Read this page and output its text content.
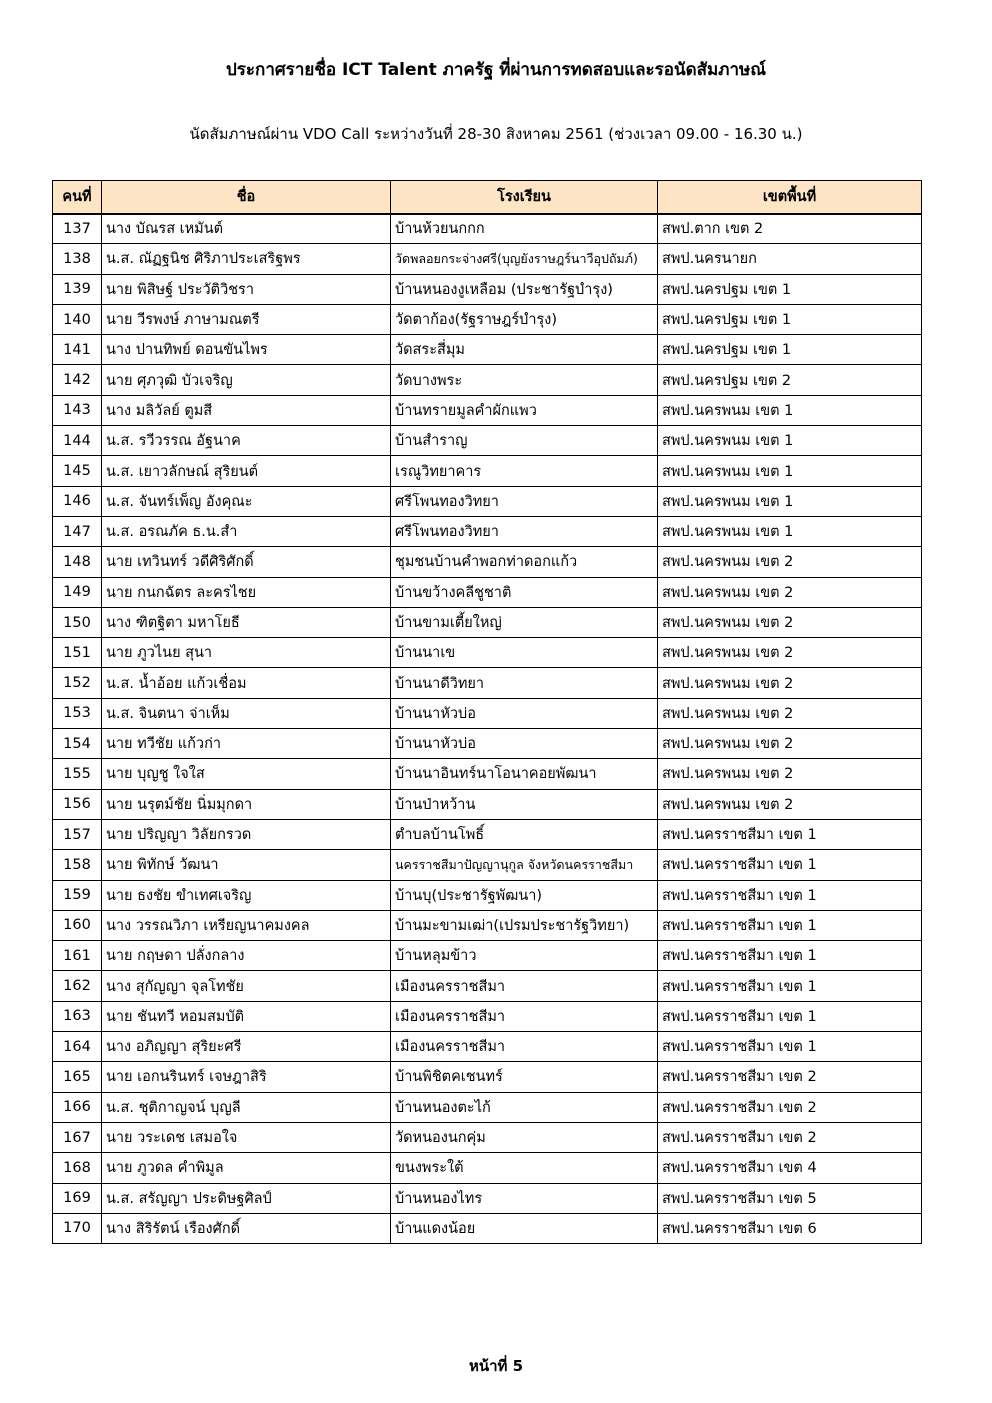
ประกาศรายชื่อ ICT Talent ภาครัฐ ที่ผ่านการทดสอบและรอนัดสัมภาษณ์
นัดสัมภาษณ์ผ่าน VDO Call ระหว่างวันที่ 28-30 สิงหาคม 2561 (ช่วงเวลา 09.00 - 16.30 น.)
คนที่	ชื่อ	โรงเรียน	เขตพื้นที่
137	นาง บัณรส เหมันต์	บ้านห้วยนกกก	สพป.ตาก เขต 2
138	น.ส. ณัฏฐนิช ศิริภาประเสริฐพร	วัดพลอยกระจ่างศรี(บุญยังราษฎร์นาวีอุปถัมภ์)	สพป.นครนายก
139	นาย พิสิษฐ์ ประวัติวิชรา	บ้านหนองงูเหลือม (ประชารัฐบำรุง)	สพป.นครปฐม เขต 1
140	นาย วีรพงษ์ ภาษามณตรี	วัดตาก้อง(รัฐราษฎร์บำรุง)	สพป.นครปฐม เขต 1
141	นาง ปานทิพย์ ดอนขันไพร	วัดสระสี่มุม	สพป.นครปฐม เขต 1
142	นาย ศุภวุฒิ บัวเจริญ	วัดบางพระ	สพป.นครปฐม เขต 2
143	นาง มลิวัลย์ ตูมสี	บ้านทรายมูลคำผักแพว	สพป.นครพนม เขต 1
144	น.ส. รวีวรรณ อัฐนาค	บ้านสำราญ	สพป.นครพนม เขต 1
145	น.ส. เยาวลักษณ์ สุริยนต์	เรณูวิทยาคาร	สพป.นครพนม เขต 1
146	น.ส. จันทร์เพ็ญ อังคุณะ	ศรีโพนทองวิทยา	สพป.นครพนม เขต 1
147	น.ส. อรณภัค ธ.น.สำ	ศรีโพนทองวิทยา	สพป.นครพนม เขต 1
148	นาย เทวินทร์ วดีศิริศักดิ์	ชุมชนบ้านคำพอกท่าดอกแก้ว	สพป.นครพนม เขต 2
149	นาย กนกฉัตร ละครไชย	บ้านขว้างคลีชูชาติ	สพป.นครพนม เขต 2
150	นาง ฑิตฐิตา มหาโยธี	บ้านขามเตี้ยใหญ่	สพป.นครพนม เขต 2
151	นาย ภูวไนย สุนา	บ้านนาเข	สพป.นครพนม เขต 2
152	น.ส. น้ำอ้อย แก้วเชื่อม	บ้านนาดีวิทยา	สพป.นครพนม เขต 2
153	น.ส. จินตนา จ่าเห็ม	บ้านนาหัวบ่อ	สพป.นครพนม เขต 2
154	นาย ทวีชัย แก้วก่า	บ้านนาหัวบ่อ	สพป.นครพนม เขต 2
155	นาย บุญชู ใจใส	บ้านนาอินทร์นาโอนาคอยพัฒนา	สพป.นครพนม เขต 2
156	นาย นรุตม์ชัย นิ่มมุกดา	บ้านป่าหว้าน	สพป.นครพนม เขต 2
157	นาย ปริญญา วิลัยกรวด	ตำบลบ้านโพธิ์	สพป.นครราชสีมา เขต 1
158	นาย พิทักษ์ วัฒนา	นครราชสีมาปัญญานุกูล จังหวัดนครราชสีมา	สพป.นครราชสีมา เขต 1
159	นาย ธงชัย ขำเทศเจริญ	บ้านบุ(ประชารัฐพัฒนา)	สพป.นครราชสีมา เขต 1
160	นาง วรรณวิภา เหรียญนาคมงคล	บ้านมะขามเฒ่า(เปรมประชารัฐวิทยา)	สพป.นครราชสีมา เขต 1
161	นาย กฤษดา ปลั่งกลาง	บ้านหลุมข้าว	สพป.นครราชสีมา เขต 1
162	นาง สุกัญญา จุลโทชัย	เมืองนครราชสีมา	สพป.นครราชสีมา เขต 1
163	นาย ชันทวี หอมสมบัติ	เมืองนครราชสีมา	สพป.นครราชสีมา เขต 1
164	นาง อภิญญา สุริยะศรี	เมืองนครราชสีมา	สพป.นครราชสีมา เขต 1
165	นาย เอกนรินทร์ เจษฎาสิริ	บ้านพิชิตคเชนทร์	สพป.นครราชสีมา เขต 2
166	น.ส. ชุติกาญจน์ บุญลี	บ้านหนองตะไก้	สพป.นครราชสีมา เขต 2
167	นาย วระเดช เสมอใจ	วัดหนองนกคุ่ม	สพป.นครราชสีมา เขต 2
168	นาย ภูวดล คำพิมูล	ขนงพระใต้	สพป.นครราชสีมา เขต 4
169	น.ส. สรัญญา ประดิษฐศิลป์	บ้านหนองไทร	สพป.นครราชสีมา เขต 5
170	นาง สิริรัตน์ เรืองศักดิ์	บ้านแดงน้อย	สพป.นครราชสีมา เขต 6
หน้าที่ 5
